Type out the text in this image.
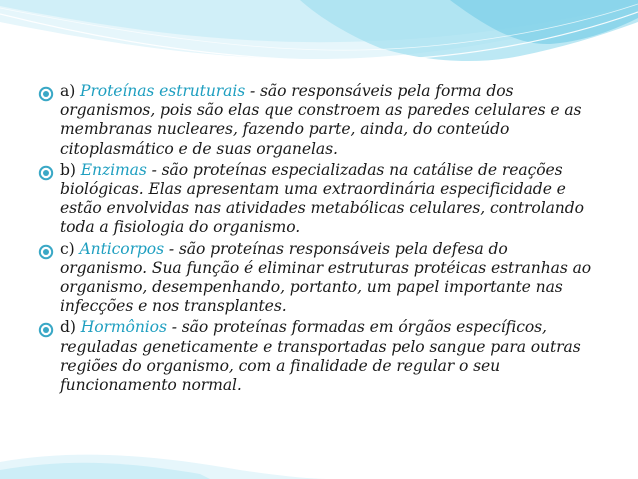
a) Proteínas estruturais - são responsáveis pela forma dos organismos, pois são elas que constroem as paredes celulares e as membranas nucleares, fazendo parte, ainda, do conteúdo citoplasmático e de suas organelas.
b) Enzimas - são proteínas especializadas na catálise de reações biológicas. Elas apresentam uma extraordinária especificidade e estão envolvidas nas atividades metabólicas celulares, controlando toda a fisiologia do organismo.
c) Anticorpos - são proteínas responsáveis pela defesa do organismo. Sua função é eliminar estruturas protéicas estranhas ao organismo, desempenhando, portanto, um papel importante nas infecções e nos transplantes.
d) Hormônios - são proteínas formadas em órgãos específicos, reguladas geneticamente e transportadas pelo sangue para outras regiões do organismo, com a finalidade de regular o seu funcionamento normal.
